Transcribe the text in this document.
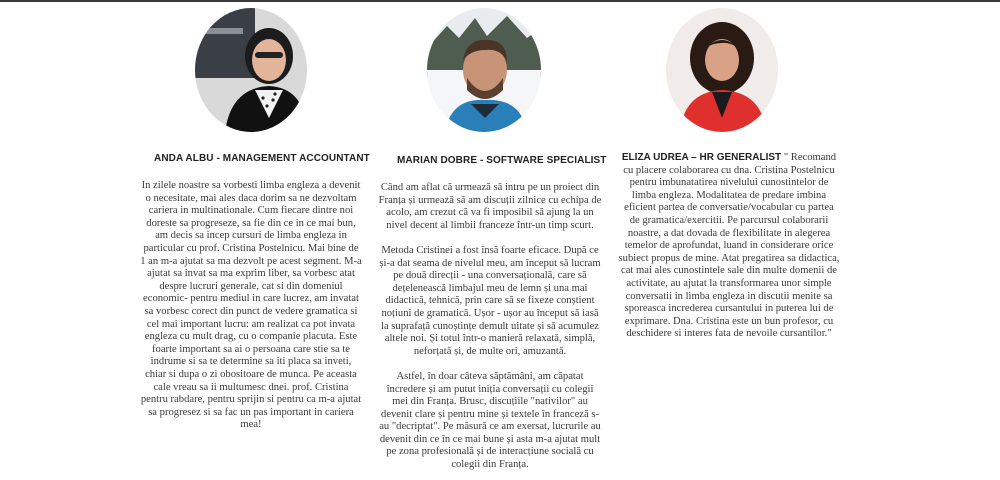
ANDA ALBU - MANAGEMENT ACCOUNTANT

In zilele noastre sa vorbesti limba engleza a devenit o necesitate, mai ales daca dorim sa ne dezvoltam cariera in multinationale. Cum fiecare dintre noi doreste sa progreseze, sa fie din ce in ce mai bun, am decis sa incep cursuri de limba engleza in particular cu prof. Cristina Postelnicu. Mai bine de 1 an m-a ajutat sa ma dezvolt pe acest segment. M-a ajutat sa invat sa ma exprim liber, sa vorbesc atat despre lucruri generale, cat si din domeniul economic- pentru mediul in care lucrez, am invatat sa vorbesc corect din punct de vedere gramatica si cel mai important lucru: am realizat ca pot invata engleza cu mult drag, cu o companie placuta. Este foarte important sa ai o persoana care stie sa te indrume si sa te determine sa iti placa sa inveti, chiar si dupa o zi obositoare de munca. Pe aceasta cale vreau sa ii multumesc dnei. prof. Cristina pentru rabdare, pentru sprijin si pentru ca m-a ajutat sa progresez si sa fac un pas important in cariera mea!

MARIAN DOBRE - SOFTWARE SPECIALIST

Când am aflat că urmează să intru pe un proiect din Franța și urmează să am discuții zilnice cu echipa de acolo, am crezut că va fi imposibil să ajung la un nivel decent al limbii franceze într-un timp scurt.

Metoda Cristinei a fost însă foarte eficace. După ce și-a dat seama de nivelul meu, am început să lucram pe două direcții - una conversațională, care să dețelenească limbajul meu de lemn și una mai didactică, tehnică, prin care să se fixeze conștient noțiuni de gramatică. Ușor - ușor au început să iasă la suprafață cunoștințe demult uitate și să acumulez altele noi. Și totul într-o manieră relaxată, simplă, neforțată și, de multe ori, amuzantă.

Astfel, în doar câteva săptămâni, am căpatat încredere și am putut iniția conversații cu colegii mei din Franța. Brusc, discuțiile "nativilor" au devenit clare și pentru mine și textele în franceză s-au "decriptat". Pe măsură ce am exersat, lucrurile au devenit din ce în ce mai bune și asta m-a ajutat mult pe zona profesională și de interacțiune socială cu colegii din Franța.

ELIZA UDREA – HR GENERALIST " Recomand cu placere colaborarea cu dna. Cristina Postelnicu pentru imbunatatirea nivelului cunostintelor de limba engleza. Modalitatea de predare imbina eficient partea de conversatie/vocabular cu partea de gramatica/exercitii. Pe parcursul colaborarii noastre, a dat dovada de flexibilitate in alegerea temelor de aprofundat, luand in considerare orice subiect propus de mine. Atat pregatirea sa didactica, cat mai ales cunostintele sale din multe domenii de activitate, au ajutat la transformarea unor simple conversatii in limba engleza in discutii menite sa sporeasca increderea cursantului in puterea lui de exprimare. Dna. Cristina este un bun profesor, cu deschidere si interes fata de nevoile cursantilor."
